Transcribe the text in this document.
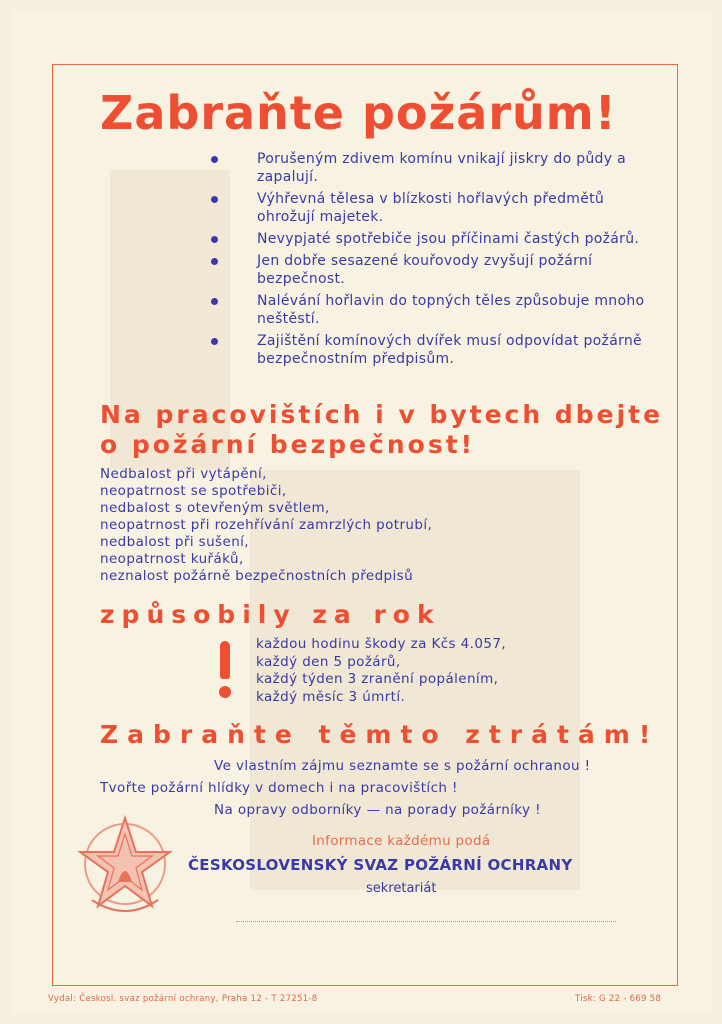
Zabraňte požárům!
Porušeným zdivem komínu vnikají jiskry do půdy a zapalují.
Výhřevná tělesa v blízkosti hořlavých předmětů ohrožují majetek.
Nevypjaté spotřebiče jsou příčinami častých požárů.
Jen dobře sesazené kouřovody zvyšují požární bezpečnost.
Nalévání hořlavin do topných těles způsobuje mnoho neštěstí.
Zajištění komínových dvířek musí odpovídat požárně bezpečnostním předpisům.
Na pracovištích i v bytech dbejte
o požární bezpečnost!
Nedbalost při vytápění,
neopatrnost se spotřebiči,
nedbalost s otevřeným světlem,
neopatrnost při rozehřívání zamrzlých potrubí,
nedbalost při sušení,
neopatrnost kuřáků,
neznalost požárně bezpečnostních předpisů
způsobily za rok
každou hodinu škody za Kčs 4.057,
každý den 5 požárů,
každý týden 3 zranění popálením,
každý měsíc 3 úmrtí.
Zabraňte těmto ztrátám!
Ve vlastním zájmu seznamte se s požární ochranou !
Tvořte požární hlídky v domech i na pracovištích !
Na opravy odborníky — na porady požárníky !
Informace každému podá
ČESKOSLOVENSKÝ SVAZ POŽÁRNÍ OCHRANY
sekretariát
Vydal: Českosl. svaz požární ochrany, Praha 12 - T 27251-8	Tisk: G 22 - 669 58
